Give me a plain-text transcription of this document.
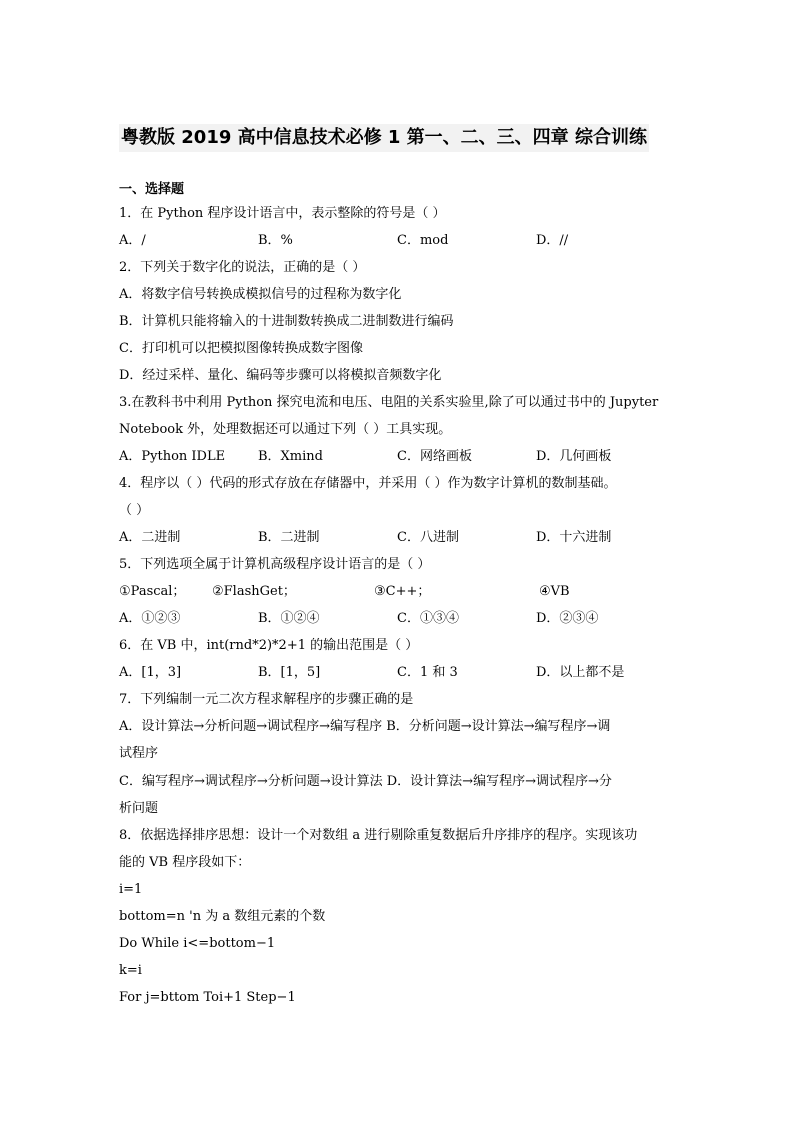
粤教版 2019 高中信息技术必修 1 第一、二、三、四章 综合训练
一、选择题
1．在 Python 程序设计语言中，表示整除的符号是（ ）
A．/	B．%	C．mod	D．//
2．下列关于数字化的说法，正确的是（ ）
A．将数字信号转换成模拟信号的过程称为数字化
B．计算机只能将输入的十进制数转换成二进制数进行编码
C．打印机可以把模拟图像转换成数字图像
D．经过采样、量化、编码等步骤可以将模拟音频数字化
3.在教科书中利用 Python 探究电流和电压、电阻的关系实验里,除了可以通过书中的 Jupyter
Notebook 外，处理数据还可以通过下列（ ）工具实现。
A．Python IDLE	B．Xmind	C．网络画板	D．几何画板
4．程序以（ ）代码的形式存放在存储器中，并采用（ ）作为数字计算机的数制基础。
（ ）
A．二进制	B．二进制	C．八进制	D．十六进制
5．下列选项全属于计算机高级程序设计语言的是（ ）
①Pascal； ②FlashGet；	③C++；	④VB
A．①②③	B．①②④	C．①③④	D．②③④
6．在 VB 中，int(rnd*2)*2+1 的输出范围是（ ）
A．[1，3]	B．[1，5]	C．1 和 3	D．以上都不是
7．下列编制一元二次方程求解程序的步骤正确的是
A．设计算法→分析问题→调试程序→编写程序 B．分析问题→设计算法→编写程序→调
试程序
C．编写程序→调试程序→分析问题→设计算法 D．设计算法→编写程序→调试程序→分
析问题
8．依据选择排序思想：设计一个对数组 a 进行剔除重复数据后升序排序的程序。实现该功
能的 VB 程序段如下：
i=1
bottom=n 'n 为 a 数组元素的个数
Do While i<=bottom−1
k=i
For j=bttom Toi+1 Step−1
